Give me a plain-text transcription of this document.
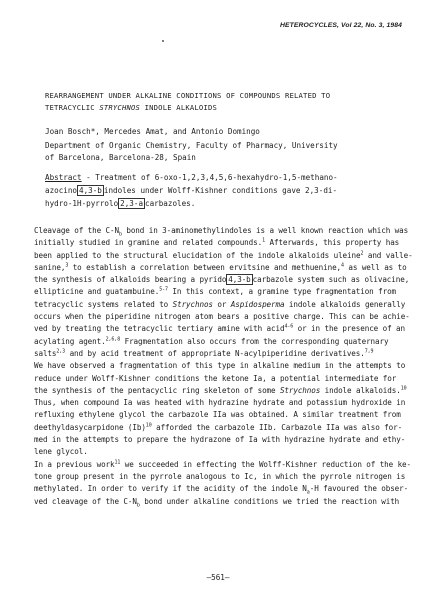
HETEROCYCLES, Vol 22, No. 3, 1984
REARRANGEMENT UNDER ALKALINE CONDITIONS OF COMPOUNDS RELATED TO
TETRACYCLIC STRYCHNOS INDOLE ALKALOIDS
Joan Bosch*, Mercedes Amat, and Antonio Domingo
Department of Organic Chemistry, Faculty of Pharmacy, University
of Barcelona, Barcelona-28, Spain
Abstract - Treatment of 6-oxo-1,2,3,4,5,6-hexahydro-1,5-methano-
azocino 4,3-b indoles under Wolff-Kishner conditions gave 2,3-di-
hydro-1H-pyrrolo 2,3-a carbazoles.

Cleavage of the $C-N_b$ bond in 3-aminomethylindoles is a well known reaction which was initially studied in gramine and related compounds.$^1$ Afterwards, this property has been applied to the structural elucidation of the indole alkaloids uleine$^2$ and valle-sanine,$^3$ to establish a correlation between ervitsine and methuenine,$^4$ as well as to the synthesis of alkaloids bearing a pyrido 4,3-b carbazole system such as olivacine, ellipticine and guatambuine.$^{5-7}$ In this context, a gramine type fragmentation from tetracyclic systems related to Strychnos or Aspidosperma indole alkaloids generally occurs when the piperidine nitrogen atom bears a positive charge. This can be achie-ved by treating the tetracyclic tertiary amine with acid$^{4-6}$ or in the presence of an acylating agent.$^{2,6,8}$ Fragmentation also occurs from the corresponding quaternary salts$^{2,3}$ and by acid treatment of appropriate N-acylpiperidine derivatives.$^{7,9}$

We have observed a fragmentation of this type in alkaline medium in the attempts to reduce under Wolff-Kishner conditions the ketone Ia, a potential intermediate for the synthesis of the pentacyclic ring skeleton of some Strychnos indole alkaloids.$^{10}$

Thus, when compound Ia was heated with hydrazine hydrate and potassium hydroxide in refluxing ethylene glycol the carbazole IIa was obtained. A similar treatment from deethyldasycarpidone $(Ib)^{10}$ afforded the carbazole IIb. Carbazole IIa was also for-med in the attempts to prepare the hydrazone of Ia with hydrazine hydrate and ethy-lene glycol.

In a previous work$^{11}$ we succeeded in effecting the Wolff-Kishner reduction of the ke-tone group present in the pyrrole analogous to Ic, in which the pyrrole nitrogen is methylated. In order to verify if the acidity of the indole $N_a-H$ favoured the obser-ved cleavage of the $C-N_b$ bond under alkaline conditions we tried the reaction with

—561—
